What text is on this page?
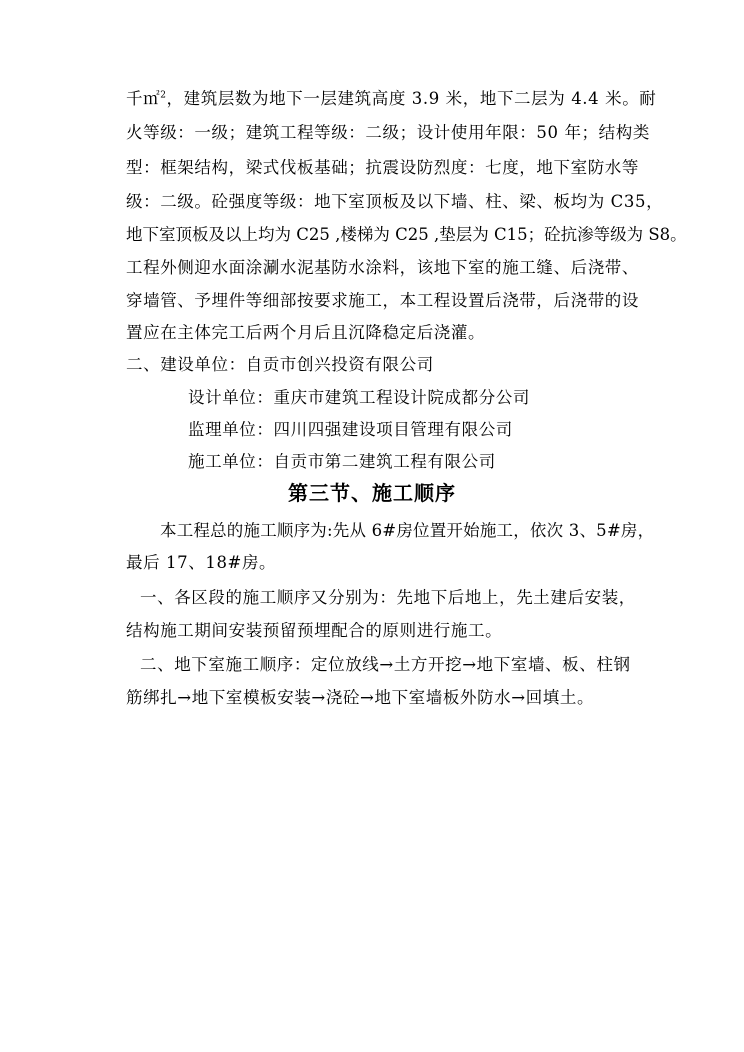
千㎡$^2$，建筑层数为地下一层建筑高度 3.9 米，地下二层为 4.4 米。耐
火等级：一级；建筑工程等级：二级；设计使用年限：50 年；结构类
型：框架结构，梁式伐板基础；抗震设防烈度：七度，地下室防水等
级：二级。砼强度等级：地下室顶板及以下墙、柱、梁、板均为 C35，
地下室顶板及以上均为 C25 ,楼梯为 C25 ,垫层为 C15；砼抗渗等级为 S8。
工程外侧迎水面涂涮水泥基防水涂料，该地下室的施工缝、后浇带、
穿墙管、予埋件等细部按要求施工，本工程设置后浇带，后浇带的设
置应在主体完工后两个月后且沉降稳定后浇灌。
二、建设单位：自贡市创兴投资有限公司
设计单位：重庆市建筑工程设计院成都分公司
监理单位：四川四强建设项目管理有限公司
施工单位：自贡市第二建筑工程有限公司
第三节、施工顺序
本工程总的施工顺序为:先从 6#房位置开始施工，依次 3、5#房，
最后 17、18#房。
一、各区段的施工顺序又分别为：先地下后地上，先土建后安装，
结构施工期间安装预留预埋配合的原则进行施工。
二、地下室施工顺序：定位放线→土方开挖→地下室墙、板、柱钢
筋绑扎→地下室模板安装→浇砼→地下室墙板外防水→回填土。
